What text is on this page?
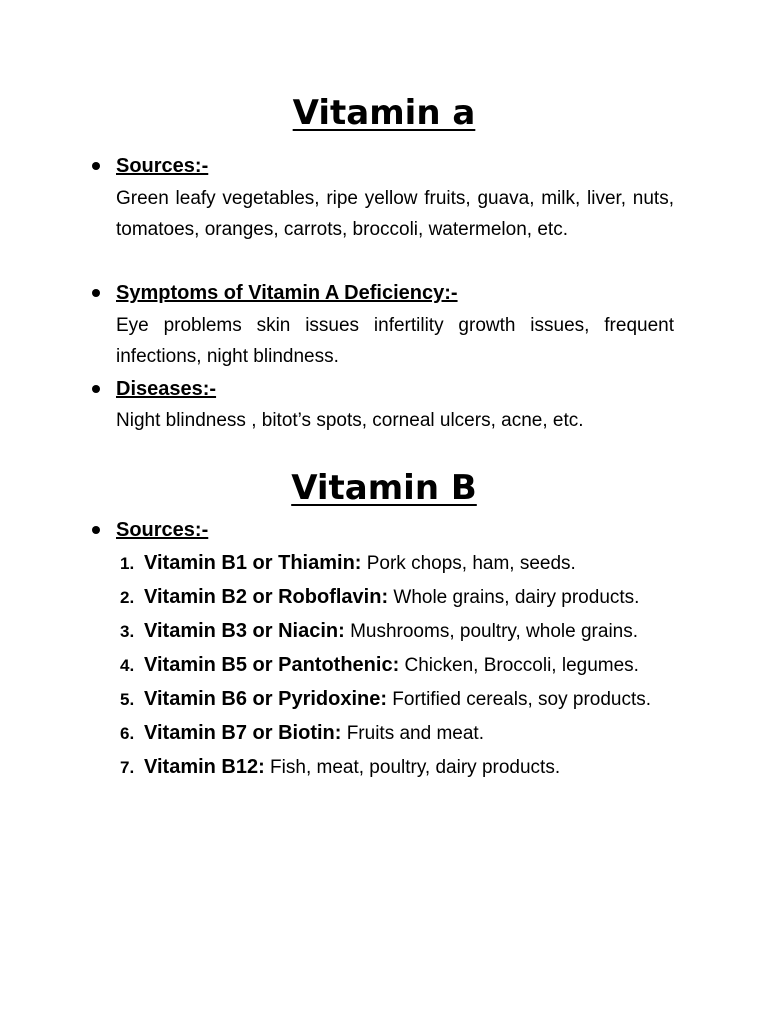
Vitamin a
Sources:-

Green leafy vegetables, ripe yellow fruits, guava, milk, liver, nuts, tomatoes, oranges, carrots, broccoli, watermelon, etc.

Symptoms of Vitamin A Deficiency:-

Eye problems skin issues infertility growth issues, frequent infections, night blindness.

Diseases:-

Night blindness , bitot’s spots, corneal ulcers, acne, etc.

Vitamin B
Sources:-
1. Vitamin B1 or Thiamin: Pork chops, ham, seeds.
2. Vitamin B2 or Roboflavin: Whole grains, dairy products.
3. Vitamin B3 or Niacin: Mushrooms, poultry, whole grains.
4. Vitamin B5 or Pantothenic: Chicken, Broccoli, legumes.
5. Vitamin B6 or Pyridoxine: Fortified cereals, soy products.
6. Vitamin B7 or Biotin: Fruits and meat.
7. Vitamin B12: Fish, meat, poultry, dairy products.
